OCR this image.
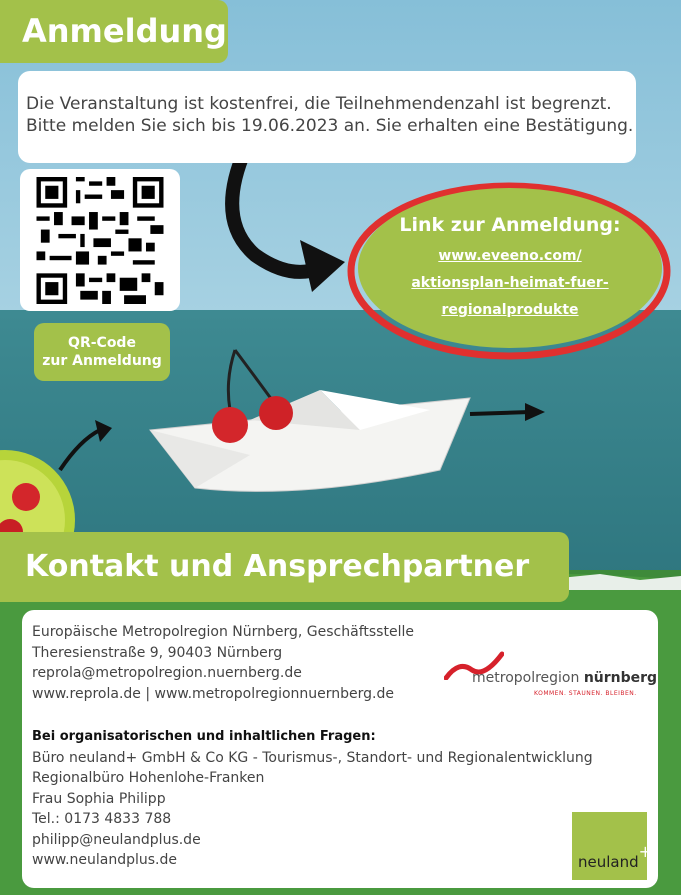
Anmeldung
Die Veranstaltung ist kostenfrei, die Teilnehmendenzahl ist begrenzt.
Bitte melden Sie sich bis 19.06.2023 an. Sie erhalten eine Bestätigung.
QR-Code
zur Anmeldung
Link zur Anmeldung:
www.eveeno.com/
aktionsplan-heimat-fuer-
regionalprodukte
Kontakt und Ansprechpartner
Europäische Metropolregion Nürnberg, Geschäftsstelle
Theresienstraße 9, 90403 Nürnberg
reprola@metropolregion.nuernberg.de
www.reprola.de | www.metropolregionnuernberg.de
Bei organisatorischen und inhaltlichen Fragen:
Büro neuland+ GmbH & Co KG - Tourismus-, Standort- und Regionalentwicklung
Regionalbüro Hohenlohe-Franken
Frau Sophia Philipp
Tel.: 0173 4833 788
philipp@neulandplus.de
www.neulandplus.de
metropolregion nürnberg
KOMMEN. STAUNEN. BLEIBEN.
neuland+
